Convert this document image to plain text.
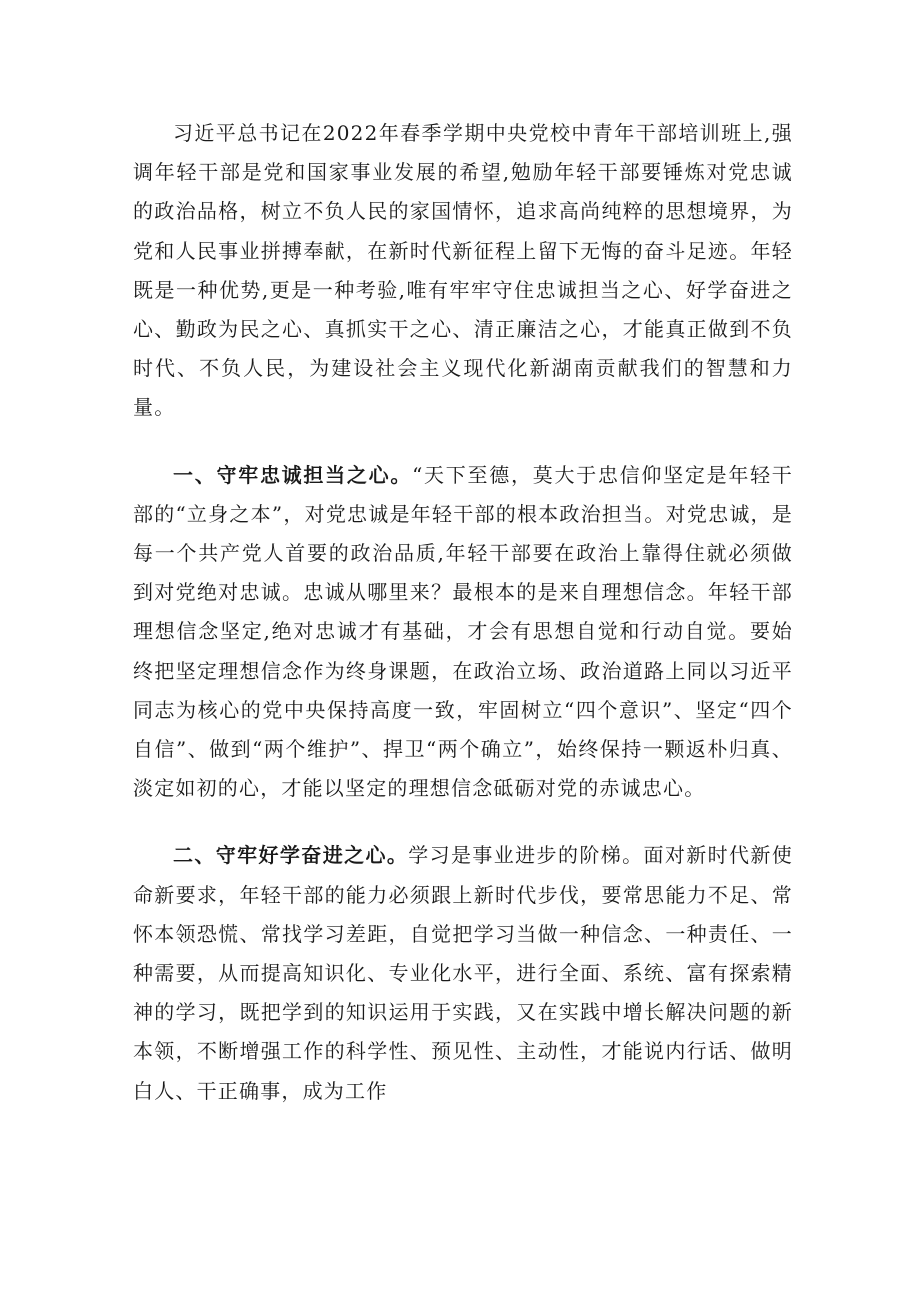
习近平总书记在2022年春季学期中央党校中青年干部培训班上,强调年轻干部是党和国家事业发展的希望,勉励年轻干部要锤炼对党忠诚的政治品格，树立不负人民的家国情怀，追求高尚纯粹的思想境界，为党和人民事业拼搏奉献，在新时代新征程上留下无悔的奋斗足迹。年轻既是一种优势,更是一种考验,唯有牢牢守住忠诚担当之心、好学奋进之心、勤政为民之心、真抓实干之心、清正廉洁之心，才能真正做到不负时代、不负人民，为建设社会主义现代化新湖南贡献我们的智慧和力量。

一、守牢忠诚担当之心。“天下至德，莫大于忠信仰坚定是年轻干部的“立身之本”，对党忠诚是年轻干部的根本政治担当。对党忠诚，是每一个共产党人首要的政治品质,年轻干部要在政治上靠得住就必须做到对党绝对忠诚。忠诚从哪里来？最根本的是来自理想信念。年轻干部理想信念坚定,绝对忠诚才有基础，才会有思想自觉和行动自觉。要始终把坚定理想信念作为终身课题，在政治立场、政治道路上同以习近平同志为核心的党中央保持高度一致，牢固树立“四个意识”、坚定“四个自信”、做到“两个维护”、捍卫“两个确立”，始终保持一颗返朴归真、淡定如初的心，才能以坚定的理想信念砥砺对党的赤诚忠心。

二、守牢好学奋进之心。学习是事业进步的阶梯。面对新时代新使命新要求，年轻干部的能力必须跟上新时代步伐，要常思能力不足、常怀本领恐慌、常找学习差距，自觉把学习当做一种信念、一种责任、一种需要，从而提高知识化、专业化水平，进行全面、系统、富有探索精神的学习，既把学到的知识运用于实践，又在实践中增长解决问题的新本领，不断增强工作的科学性、预见性、主动性，才能说内行话、做明白人、干正确事，成为工作
